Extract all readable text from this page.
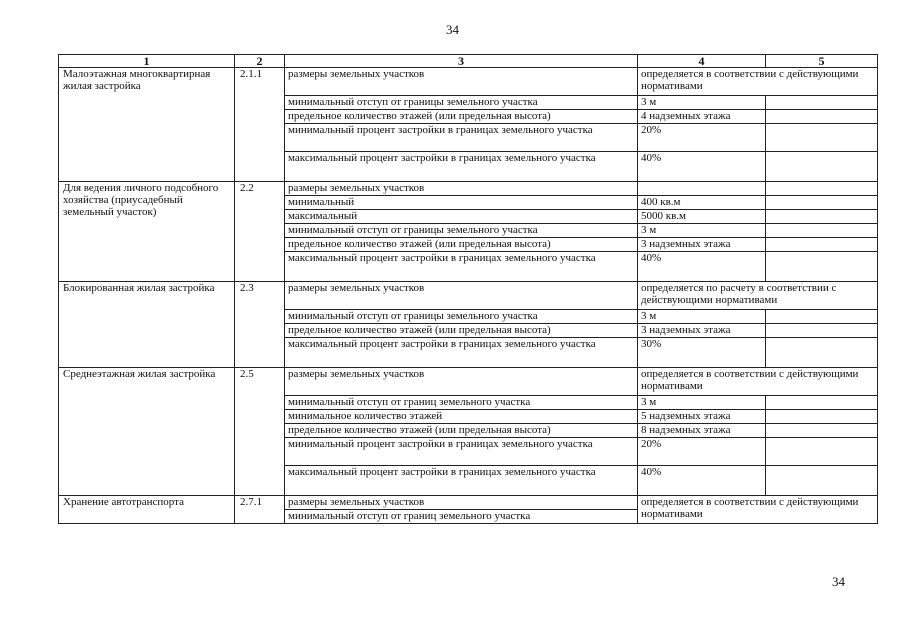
34
1	2	3	4	5
Малоэтажная многоквартирная жилая застройка	2.1.1	размеры земельных участков	определяется в соответствии с действующими нормативами	
		минимальный отступ от границы земельного участка	3 м	
		предельное количество этажей (или предельная высота)	4 надземных этажа	
		минимальный процент застройки в границах земельного участка	20%	
		максимальный процент застройки в границах земельного участка	40%	
Для ведения личного подсобного хозяйства (приусадебный земельный участок)	2.2	размеры земельных участков		
		минимальный	400 кв.м	
		максимальный	5000 кв.м	
		минимальный отступ от границы земельного участка	3 м	
		предельное количество этажей (или предельная высота)	3 надземных этажа	
		максимальный процент застройки в границах земельного участка	40%	
Блокированная жилая застройка	2.3	размеры земельных участков	определяется по расчету в соответствии с действующими нормативами	
		минимальный отступ от границы земельного участка	3 м	
		предельное количество этажей (или предельная высота)	3 надземных этажа	
		максимальный процент застройки в границах земельного участка	30%	
Среднеэтажная жилая застройка	2.5	размеры земельных участков	определяется в соответствии с действующими нормативами	
		минимальный отступ от границ земельного участка	3 м	
		минимальное количество этажей	5 надземных этажа	
		предельное количество этажей (или предельная высота)	8 надземных этажа	
		минимальный процент застройки в границах земельного участка	20%	
		максимальный процент застройки в границах земельного участка	40%	
Хранение автотранспорта	2.7.1	размеры земельных участков	определяется в соответствии с действующими нормативами	
		минимальный отступ от границ земельного участка		
34
